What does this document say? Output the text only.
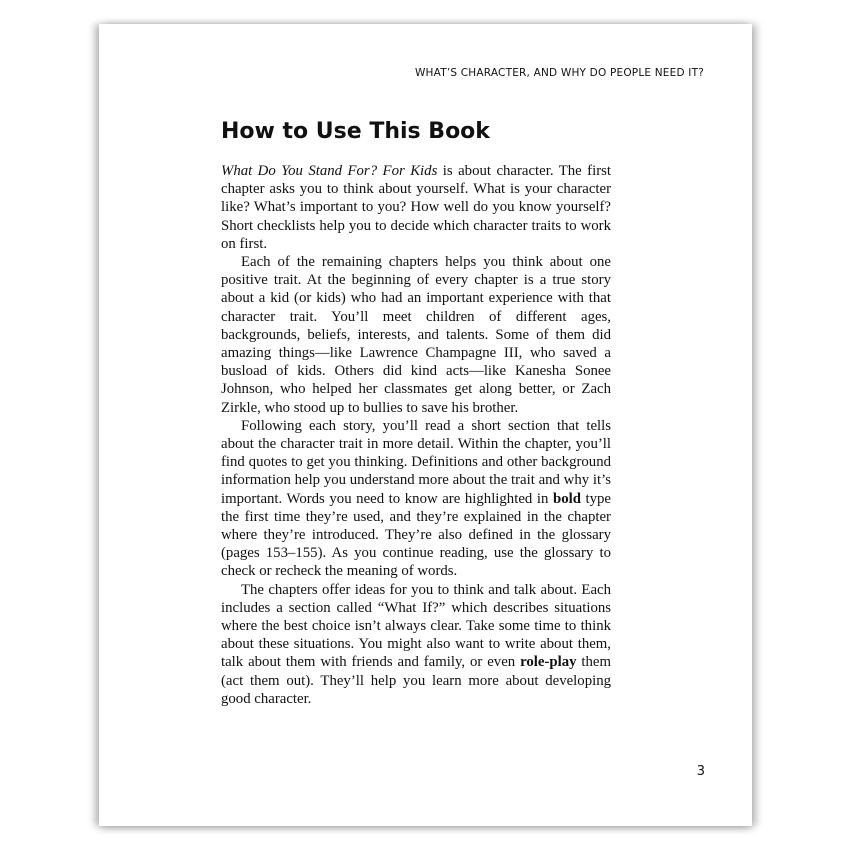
WHAT’S CHARACTER, AND WHY DO PEOPLE NEED IT?
How to Use This Book

What Do You Stand For? For Kids is about character. The first chapter asks you to think about yourself. What is your character like? What’s important to you? How well do you know yourself? Short checklists help you to decide which character traits to work on first.

Each of the remaining chapters helps you think about one positive trait. At the beginning of every chapter is a true story about a kid (or kids) who had an important experience with that character trait. You’ll meet children of different ages, backgrounds, beliefs, interests, and talents. Some of them did amazing things—like Lawrence Champagne III, who saved a busload of kids. Others did kind acts—like Kanesha Sonee Johnson, who helped her classmates get along better, or Zach Zirkle, who stood up to bullies to save his brother.

Following each story, you’ll read a short section that tells about the character trait in more detail. Within the chapter, you’ll find quotes to get you thinking. Definitions and other background information help you understand more about the trait and why it’s important. Words you need to know are highlighted in bold type the first time they’re used, and they’re explained in the chapter where they’re introduced. They’re also defined in the glossary (pages 153–155). As you continue reading, use the glossary to check or recheck the meaning of words.

The chapters offer ideas for you to think and talk about. Each includes a section called “What If?” which describes situations where the best choice isn’t always clear. Take some time to think about these situations. You might also want to write about them, talk about them with friends and family, or even role-play them (act them out). They’ll help you learn more about developing good character.

3
